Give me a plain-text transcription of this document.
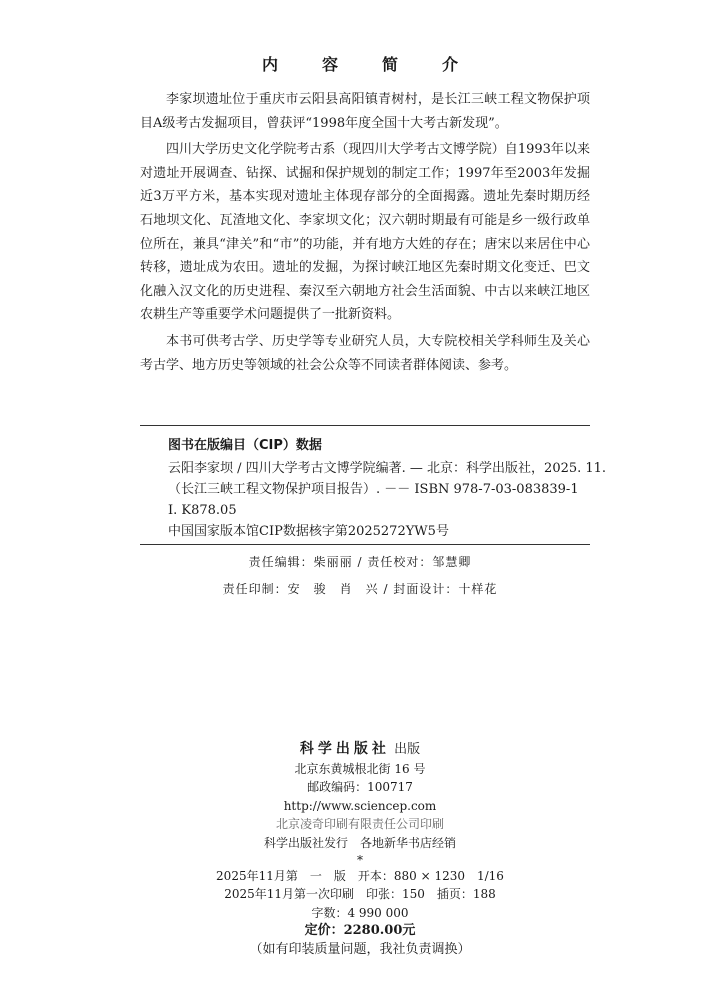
内　容　简　介

李家坝遗址位于重庆市云阳县高阳镇青树村，是长江三峡工程文物保护项目A级考古发掘项目，曾获评“1998年度全国十大考古新发现”。

四川大学历史文化学院考古系（现四川大学考古文博学院）自1993年以来对遗址开展调查、钻探、试掘和保护规划的制定工作；1997年至2003年发掘近3万平方米，基本实现对遗址主体现存部分的全面揭露。遗址先秦时期历经石地坝文化、瓦渣地文化、李家坝文化；汉六朝时期最有可能是乡一级行政单位所在，兼具“津关”和“市”的功能，并有地方大姓的存在；唐宋以来居住中心转移，遗址成为农田。遗址的发掘，为探讨峡江地区先秦时期文化变迁、巴文化融入汉文化的历史进程、秦汉至六朝地方社会生活面貌、中古以来峡江地区农耕生产等重要学术问题提供了一批新资料。

本书可供考古学、历史学等专业研究人员，大专院校相关学科师生及关心考古学、地方历史等领域的社会公众等不同读者群体阅读、参考。

图书在版编目（CIP）数据
云阳李家坝 / 四川大学考古文博学院编著. — 北京：科学出版社，2025. 11.
（长江三峡工程文物保护项目报告）. －－ ISBN 978-7-03-083839-1
Ⅰ. K878.05
中国国家版本馆CIP数据核字第2025272YW5号
责任编辑：柴丽丽 / 责任校对：邹慧卿
责任印制：安　骏　肖　兴 / 封面设计：十样花
科学出版社 出版
北京东黄城根北街 16 号
邮政编码：100717
http://www.sciencep.com
北京凌奇印刷有限责任公司印刷
科学出版社发行　各地新华书店经销
*
2025年11月第　一　版　开本：880 × 1230　1/16
2025年11月第一次印刷　印张：150　插页：188
字数：4 990 000
定价：2280.00元
（如有印装质量问题，我社负责调换）
